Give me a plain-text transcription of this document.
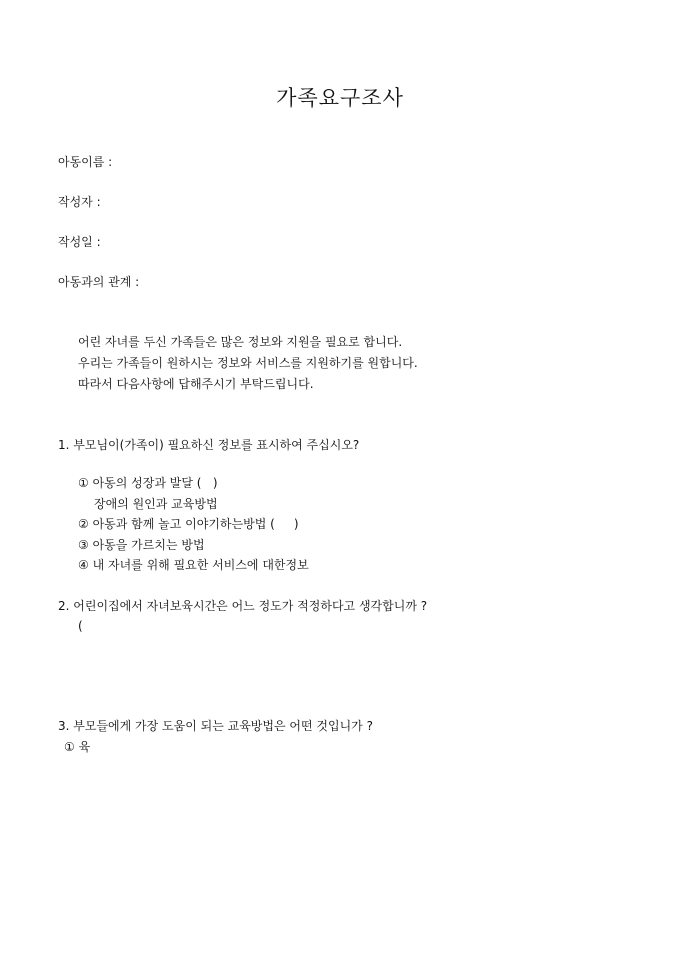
가족요구조사
아동이름 :
작성자 :
작성일 :
아동과의 관계 :
어린 자녀를 두신 가족들은 많은 정보와 지원을 필요로 합니다.
우리는 가족들이 원하시는 정보와 서비스를 지원하기를 원합니다.
따라서 다음사항에 답해주시기 부탁드립니다.
1. 부모님이(가족이) 필요하신 정보를 표시하여 주십시오?
① 아동의 성장과 발달 (   )
장애의 원인과 교육방법
② 아동과 함께 놀고 이야기하는방법 (     )
③ 아동을 가르치는 방법
④ 내 자녀를 위해 필요한 서비스에 대한정보
2. 어린이집에서 자녀보육시간은 어느 정도가 적정하다고 생각합니까 ?
(
3. 부모들에게 가장 도움이 되는 교육방법은 어떤 것입니가 ?
① 육
